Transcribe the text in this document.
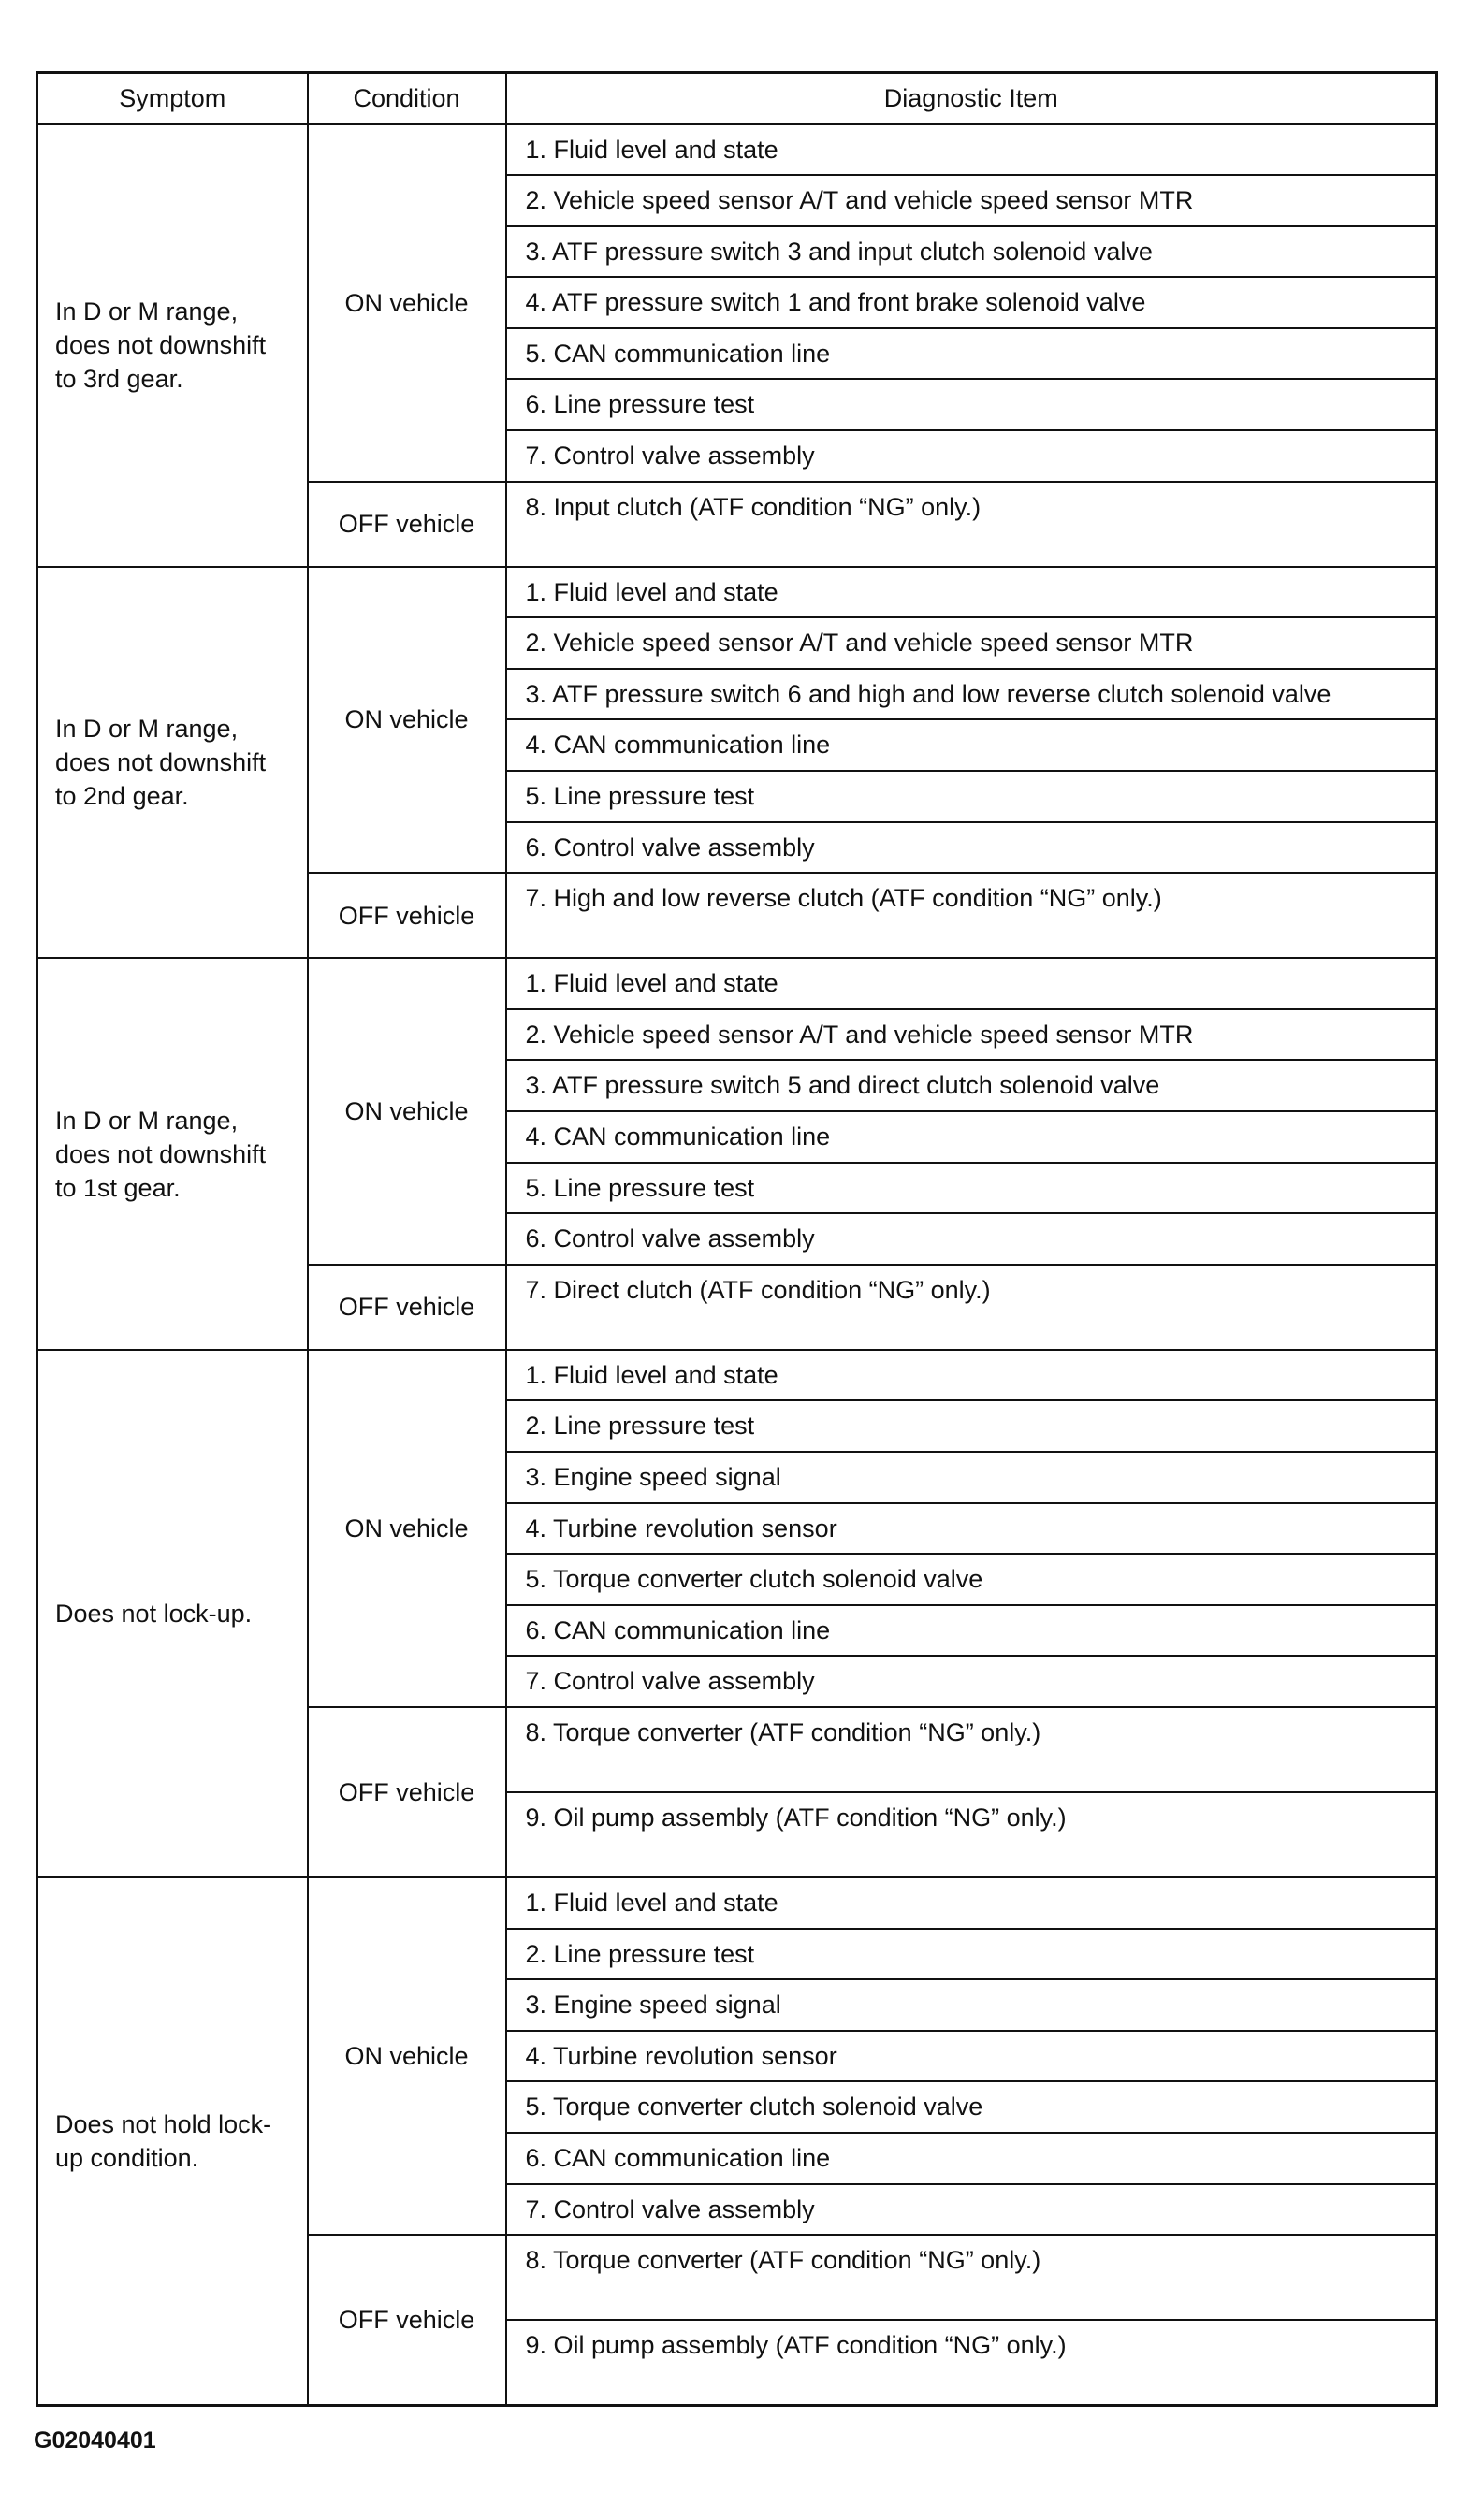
Symptom	Condition	Diagnostic Item

In D or M range, does not downshift to 3rd gear.	ON vehicle	1. Fluid level and state

		2. Vehicle speed sensor A/T and vehicle speed sensor MTR

		3. ATF pressure switch 3 and input clutch solenoid valve

		4. ATF pressure switch 1 and front brake solenoid valve

		5. CAN communication line

		6. Line pressure test

		7. Control valve assembly

	OFF vehicle	8. Input clutch (ATF condition “NG” only.)

In D or M range, does not downshift to 2nd gear.	ON vehicle	1. Fluid level and state

		2. Vehicle speed sensor A/T and vehicle speed sensor MTR

		3. ATF pressure switch 6 and high and low reverse clutch solenoid valve

		4. CAN communication line

		5. Line pressure test

		6. Control valve assembly

	OFF vehicle	7. High and low reverse clutch (ATF condition “NG” only.)

In D or M range, does not downshift to 1st gear.	ON vehicle	1. Fluid level and state

		2. Vehicle speed sensor A/T and vehicle speed sensor MTR

		3. ATF pressure switch 5 and direct clutch solenoid valve

		4. CAN communication line

		5. Line pressure test

		6. Control valve assembly

	OFF vehicle	7. Direct clutch (ATF condition “NG” only.)

Does not lock-up.	ON vehicle	1. Fluid level and state

		2. Line pressure test

		3. Engine speed signal

		4. Turbine revolution sensor

		5. Torque converter clutch solenoid valve

		6. CAN communication line

		7. Control valve assembly

	OFF vehicle	8. Torque converter (ATF condition “NG” only.)

		9. Oil pump assembly (ATF condition “NG” only.)

Does not hold lock-up condition.	ON vehicle	1. Fluid level and state

		2. Line pressure test

		3. Engine speed signal

		4. Turbine revolution sensor

		5. Torque converter clutch solenoid valve

		6. CAN communication line

		7. Control valve assembly

	OFF vehicle	8. Torque converter (ATF condition “NG” only.)

		9. Oil pump assembly (ATF condition “NG” only.)
G02040401
